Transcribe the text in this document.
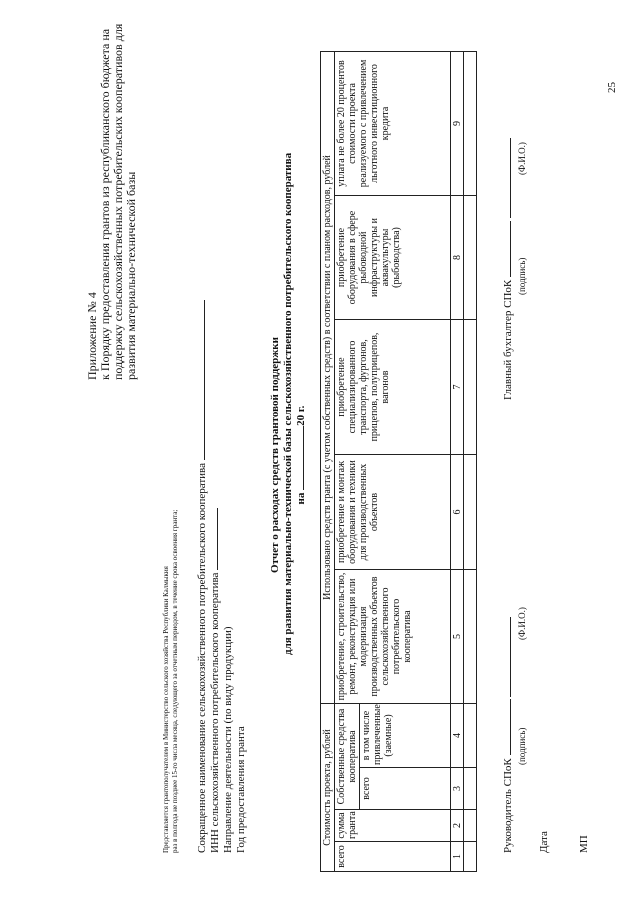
Приложение № 4 к Порядку предоставления грантов из республиканского бюджета на поддержку сельскохозяйственных потребительских кооперативов для развития материально-технической базы
Представляется грантополучателем в Министерство сельского хозяйства Республики Калмыкия раз в полгода не позднее 15-го числа месяца, следующего за отчетным периодом, в течение срока освоения гранта; Сокращенное наименование сельскохозяйственного потребительского кооператива ИНН сельскохозяйственного потребительского кооператива Направление деятельности (по виду продукции) Год предоставления гранта
Отчет о расходах средств грантовой поддержки для развития материально-технической базы сельскохозяйственного потребительского кооператива на 20 г.
Стоимость проекта, рублей				Использовано средств гранта (с учетом собственных средств) в соответствии с планом расходов, рублей				
всего	сумма гранта	Собственные средства кооператива		приобретение, строительство, ремонт, реконструкция или модернизация производственных объектов сельскохозяйственного потребительского кооператива	приобретение и монтаж оборудования и техники для производственных объектов	приобретение специализированного транспорта, фургонов, прицепов, полуприцепов, вагонов	приобретение оборудования в сфере рыбоводной инфраструктуры и аквакультуры (рыбоводства)	уплата не более 20 процентов стоимости проекта реализуемого с привлечением льготного инвестиционного кредита
		всего	в том числе привлеченные (заемные)					
1	2	3	4	5	6	7	8	9

Руководитель СПоК
(подпись)
(Ф.И.О.)
Главный бухгалтер СПоК
(подпись)
(Ф.И.О.)
Дата	МП
25
